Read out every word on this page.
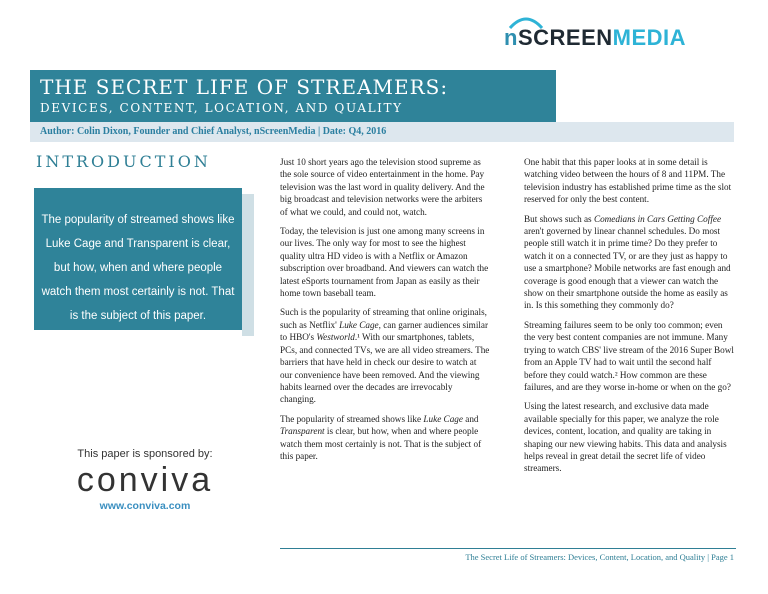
nSCREENMEDIA
THE SECRET LIFE OF STREAMERS:
DEVICES, CONTENT, LOCATION, AND QUALITY
Author: Colin Dixon, Founder and Chief Analyst, nScreenMedia | Date: Q4, 2016
INTRODUCTION
The popularity of streamed shows like Luke Cage and Transparent is clear, but how, when and where people watch them most certainly is not. That is the subject of this paper.
This paper is sponsored by:
conviva
www.conviva.com

Just 10 short years ago the television stood supreme as the sole source of video entertainment in the home. Pay television was the last word in quality delivery. And the big broadcast and television networks were the arbiters of what we could, and could not, watch.

Today, the television is just one among many screens in our lives. The only way for most to see the highest quality ultra HD video is with a Netflix or Amazon subscription over broadband. And viewers can watch the latest eSports tournament from Japan as easily as their home town baseball team.

Such is the popularity of streaming that online originals, such as Netflix' Luke Cage, can garner audiences similar to HBO's Westworld.¹ With our smartphones, tablets, PCs, and connected TVs, we are all video streamers. The barriers that have held in check our desire to watch at our convenience have been removed. And the viewing habits learned over the decades are irrevocably changing.

The popularity of streamed shows like Luke Cage and Transparent is clear, but how, when and where people watch them most certainly is not. That is the subject of this paper.

One habit that this paper looks at in some detail is watching video between the hours of 8 and 11PM. The television industry has established prime time as the slot reserved for only the best content.

But shows such as Comedians in Cars Getting Coffee aren't governed by linear channel schedules. Do most people still watch it in prime time? Do they prefer to watch it on a connected TV, or are they just as happy to use a smartphone? Mobile networks are fast enough and coverage is good enough that a viewer can watch the show on their smartphone outside the home as easily as in. Is this something they commonly do?

Streaming failures seem to be only too common; even the very best content companies are not immune. Many trying to watch CBS' live stream of the 2016 Super Bowl from an Apple TV had to wait until the second half before they could watch.² How common are these failures, and are they worse in-home or when on the go?

Using the latest research, and exclusive data made available specially for this paper, we analyze the role devices, content, location, and quality are taking in shaping our new viewing habits. This data and analysis helps reveal in great detail the secret life of video streamers.

The Secret Life of Streamers: Devices, Content, Location, and Quality | Page 1
